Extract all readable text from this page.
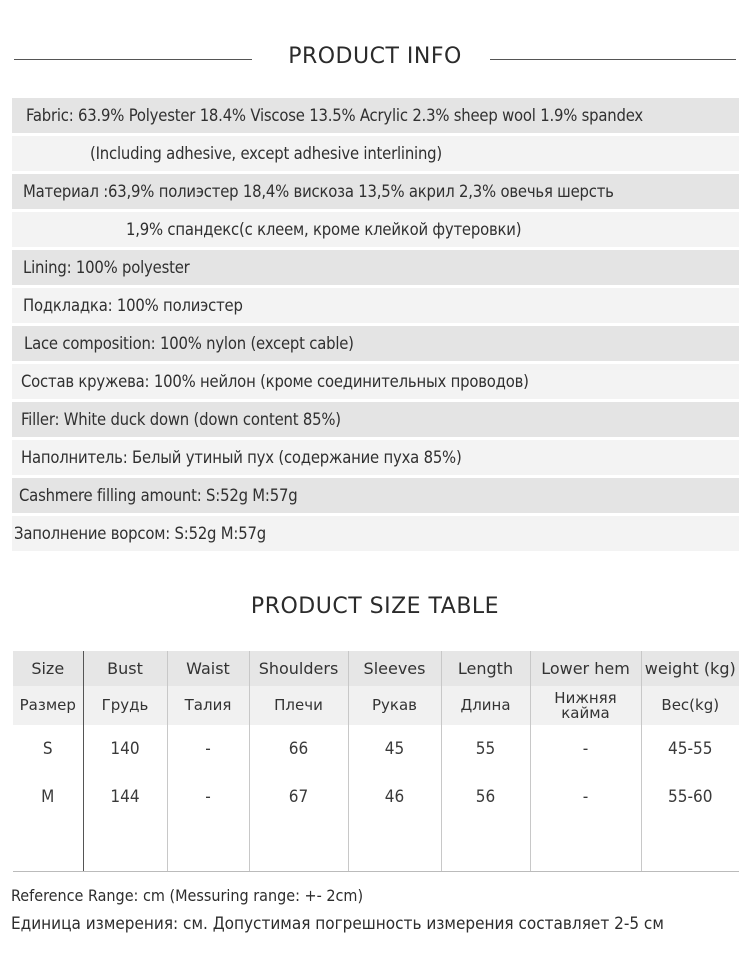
PRODUCT INFO
Fabric: 63.9% Polyester 18.4% Viscose 13.5% Acrylic 2.3% sheep wool 1.9% spandex
(Including adhesive, except adhesive interlining)
Материал :63,9% полиэстер 18,4% вискоза 13,5% акрил 2,3% овечья шерсть
1,9% спандекс(с клеем, кроме клейкой футеровки)
Lining: 100% polyester
Подкладка: 100% полиэстер
Lace composition: 100% nylon (except cable)
Состав кружева: 100% нейлон (кроме соединительных проводов)
Filler: White duck down (down content 85%)
Наполнитель: Белый утиный пух (содержание пуха 85%)
Cashmere filling amount: S:52g M:57g
Заполнение ворсом: S:52g M:57g
PRODUCT SIZE TABLE
Size	Bust	Waist	Shoulders	Sleeves	Length	Lower hem	weight (kg)
Размер	Грудь	Талия	Плечи	Рукав	Длина	Нижняя кайма	Вес(kg)
S	140	-	66	45	55	-	45-55
M	144	-	67	46	56	-	55-60

Reference Range: cm (Messuring range: +- 2cm)
Единица измерения: см. Допустимая погрешность измерения составляет 2-5 см
